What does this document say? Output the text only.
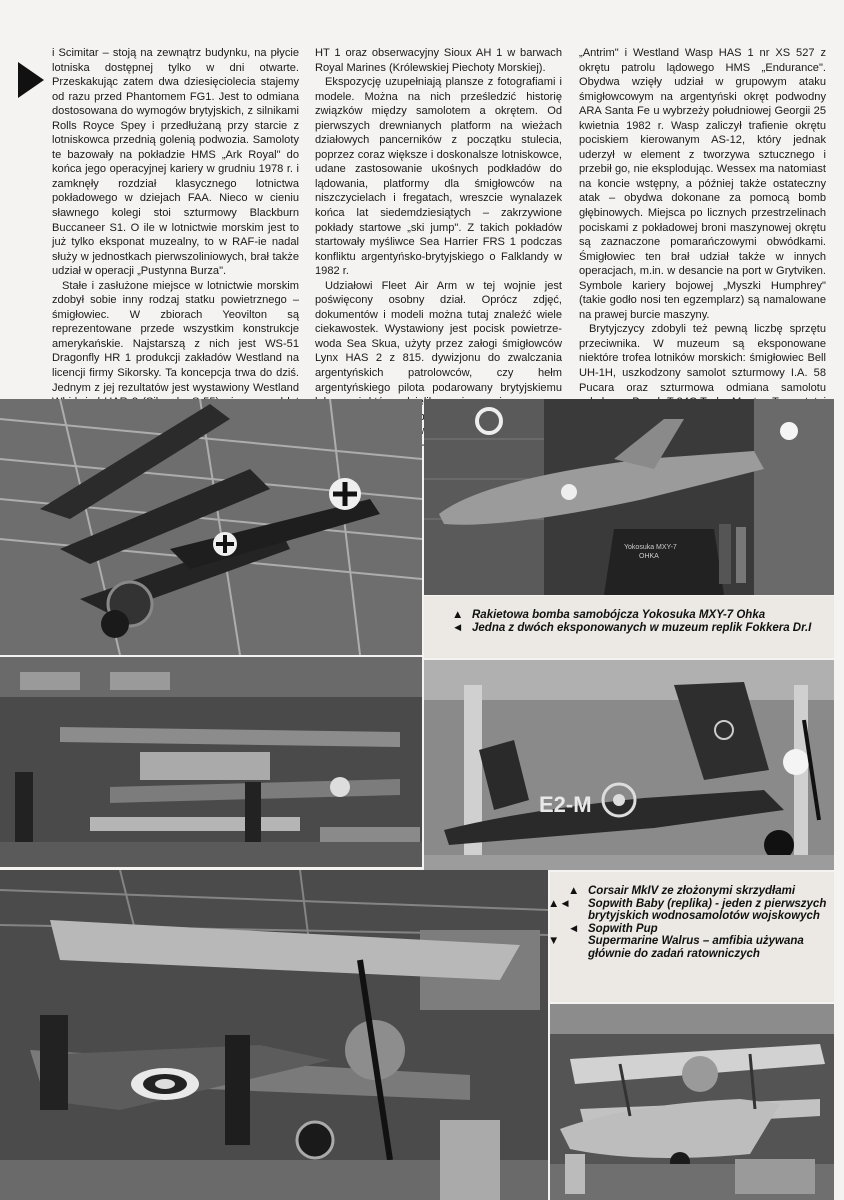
i Scimitar – stoją na zewnątrz budynku, na płycie lotniska dostępnej tylko w dni otwarte. Przeskakując zatem dwa dziesięciolecia stajemy od razu przed Phantomem FG1. Jest to odmiana dostosowana do wymogów brytyjskich, z silnikami Rolls Royce Spey i przedłużaną przy starcie z lotniskowca przednią golenią podwozia. Samoloty te bazowały na pokładzie HMS „Ark Royal" do końca jego operacyjnej kariery w grudniu 1978 r. i zamknęły rozdział klasycznego lotnictwa pokładowego w dziejach FAA. Nieco w cieniu sławnego kolegi stoi szturmowy Blackburn Buccaneer S1. O ile w lotnictwie morskim jest to już tylko eksponat muzealny, to w RAF-ie nadal służy w jednostkach pierwszoliniowych, brał także udział w operacji „Pustynna Burza".

Stałe i zasłużone miejsce w lotnictwie morskim zdobył sobie inny rodzaj statku powietrznego – śmigłowiec. W zbiorach Yeovilton są reprezentowane przede wszystkim konstrukcje amerykańskie. Najstarszą z nich jest WS-51 Dragonfly HR 1 produkcji zakładów Westland na licencji firmy Sikorsky. Ta koncepcja trwa do dziś. Jednym z jej rezultatów jest wystawiony Westland

HT 1 oraz obserwacyjny Sioux AH 1 w barwach Royal Marines (Królewskiej Piechoty Morskiej).

Ekspozycję uzupełniają plansze z fotografiami i modele. Można na nich prześledzić historię związków między samolotem a okrętem. Od pierwszych drewnianych platform na wieżach działowych pancerników z początku stulecia, poprzez coraz większe i doskonalsze lotniskowce, udane zastosowanie ukośnych podkładów do lądowania, platformy dla śmigłowców na niszczycielach i fregatach, wreszcie wynalazek końca lat siedemdziesiątych – zakrzywione pokłady startowe „ski jump". Z takich pokładów startowały myśliwce Sea Harrier FRS 1 podczas konfliktu argentyńsko-brytyjskiego o Falklandy w 1982 r.

Udziałowi Fleet Air Arm w tej wojnie jest poświęcony osobny dział. Oprócz zdjęć, dokumentów i modeli można tutaj znaleźć wiele ciekawostek. Wystawiony jest pocisk powietrze-woda Sea Skua, użyty przez załogi śmigłowców Lynx HAS 2 z 815. dywizjonu do zwalczania argentyńskich patrolowców, czy hełm argentyńskiego pilota podarowany brytyjskiemu

„Antrim" i Westland Wasp HAS 1 nr XS 527 z okrętu patrolu lądowego HMS „Endurance". Obydwa wzięły udział w grupowym ataku śmigłowcowym na argentyński okręt podwodny ARA Santa Fe u wybrzeży południowej Georgii 25 kwietnia 1982 r. Wasp zaliczył trafienie okrętu pociskiem kierowanym AS-12, który jednak uderzył w element z tworzywa sztucznego i przebił go, nie eksplodując. Wessex ma natomiast na koncie wstępny, a później także ostateczny atak – obydwa dokonane za pomocą bomb głębinowych. Miejsca po licznych przestrzelinach pociskami z pokładowej broni maszynowej okrętu są zaznaczone pomarańczowymi obwódkami. Śmigłowiec ten brał udział także w innych operacjach, m.in. w desancie na port w Grytviken. Symbole kariery bojowej „Myszki Humphrey" (takie godło nosi ten egzemplarz) są namalowane na prawej burcie maszyny.

Brytyjczycy zdobyli też pewną liczbę sprzętu przeciwnika. W muzeum są eksponowane niektóre trofea lotników morskich: śmigłowiec Bell UH-1H, uszkodzony samolot szturmowy I.A. 58 Pucara oraz szturmowa odmiana samolotu

Yokosuka MXY-7 OHKA
▲ Rakietowa bomba samobójcza Yokosuka MXY-7 Ohka
◄ Jedna z dwóch eksponowanych w muzeum replik Fokkera Dr.I
E2-M
▲ Corsair MkIV ze złożonymi skrzydłami
▲◄ Sopwith Baby (replika) - jeden z pierwszych brytyjskich wodnosamolotów wojskowych
◄ Sopwith Pup
▼ Supermarine Walrus – amfibia używana głównie do zadań ratowniczych
